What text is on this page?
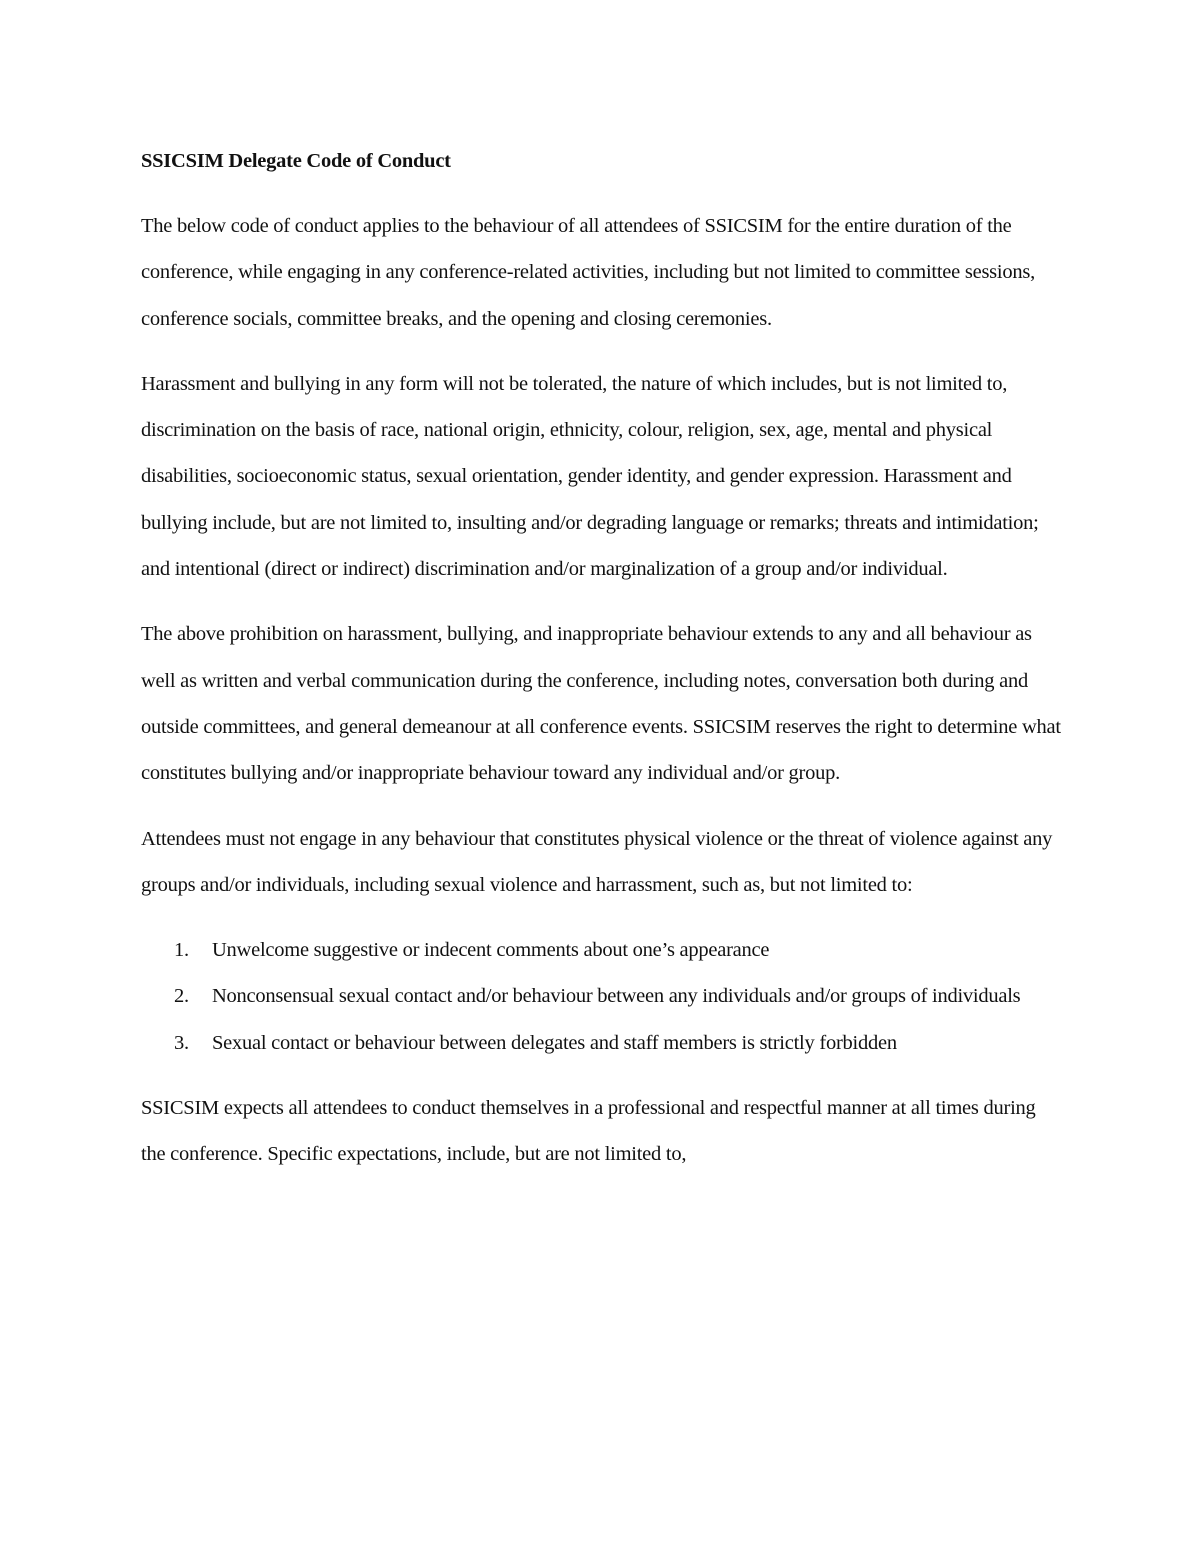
SSICSIM Delegate Code of Conduct

The below code of conduct applies to the behaviour of all attendees of SSICSIM for the entire duration of the conference, while engaging in any conference-related activities, including but not limited to committee sessions, conference socials, committee breaks, and the opening and closing ceremonies.

Harassment and bullying in any form will not be tolerated, the nature of which includes, but is not limited to, discrimination on the basis of race, national origin, ethnicity, colour, religion, sex, age, mental and physical disabilities, socioeconomic status, sexual orientation, gender identity, and gender expression. Harassment and bullying include, but are not limited to, insulting and/or degrading language or remarks; threats and intimidation; and intentional (direct or indirect) discrimination and/or marginalization of a group and/or individual.

The above prohibition on harassment, bullying, and inappropriate behaviour extends to any and all behaviour as well as written and verbal communication during the conference, including notes, conversation both during and outside committees, and general demeanour at all conference events. SSICSIM reserves the right to determine what constitutes bullying and/or inappropriate behaviour toward any individual and/or group.

Attendees must not engage in any behaviour that constitutes physical violence or the threat of violence against any groups and/or individuals, including sexual violence and harrassment, such as, but not limited to:

1. Unwelcome suggestive or indecent comments about one’s appearance
2. Nonconsensual sexual contact and/or behaviour between any individuals and/or groups of individuals
3. Sexual contact or behaviour between delegates and staff members is strictly forbidden

SSICSIM expects all attendees to conduct themselves in a professional and respectful manner at all times during the conference. Specific expectations, include, but are not limited to,
